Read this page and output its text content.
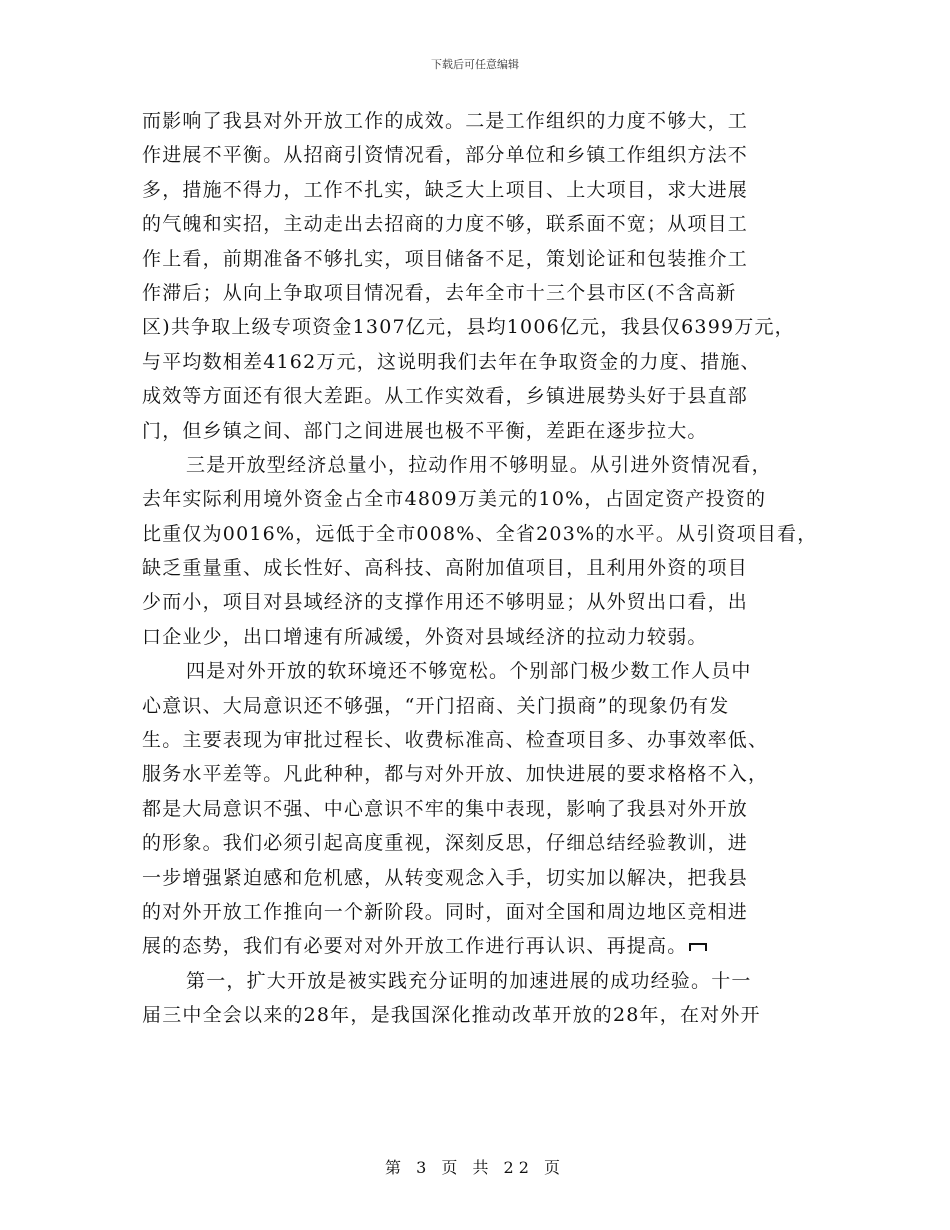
下载后可任意编辑
而影响了我县对外开放工作的成效。二是工作组织的力度不够大，工
作进展不平衡。从招商引资情况看，部分单位和乡镇工作组织方法不
多，措施不得力，工作不扎实，缺乏大上项目、上大项目，求大进展
的气魄和实招，主动走出去招商的力度不够，联系面不宽；从项目工
作上看，前期准备不够扎实，项目储备不足，策划论证和包装推介工
作滞后；从向上争取项目情况看，去年全市十三个县市区(不含高新
区)共争取上级专项资金1307亿元，县均1006亿元，我县仅6399万元，
与平均数相差4162万元，这说明我们去年在争取资金的力度、措施、
成效等方面还有很大差距。从工作实效看，乡镇进展势头好于县直部
门，但乡镇之间、部门之间进展也极不平衡，差距在逐步拉大。
三是开放型经济总量小，拉动作用不够明显。从引进外资情况看，
去年实际利用境外资金占全市4809万美元的10%，占固定资产投资的
比重仅为0016%，远低于全市008%、全省203%的水平。从引资项目看，
缺乏重量重、成长性好、高科技、高附加值项目，且利用外资的项目
少而小，项目对县域经济的支撑作用还不够明显；从外贸出口看，出
口企业少，出口增速有所减缓，外资对县域经济的拉动力较弱。
四是对外开放的软环境还不够宽松。个别部门极少数工作人员中
心意识、大局意识还不够强，“开门招商、关门损商”的现象仍有发
生。主要表现为审批过程长、收费标准高、检查项目多、办事效率低、
服务水平差等。凡此种种，都与对外开放、加快进展的要求格格不入，
都是大局意识不强、中心意识不牢的集中表现，影响了我县对外开放
的形象。我们必须引起高度重视，深刻反思，仔细总结经验教训，进
一步增强紧迫感和危机感，从转变观念入手，切实加以解决，把我县
的对外开放工作推向一个新阶段。同时，面对全国和周边地区竞相进
展的态势，我们有必要对对外开放工作进行再认识、再提高。
第一，扩大开放是被实践充分证明的加速进展的成功经验。十一
届三中全会以来的28年，是我国深化推动改革开放的28年，在对外开
第 3 页 共 22 页
